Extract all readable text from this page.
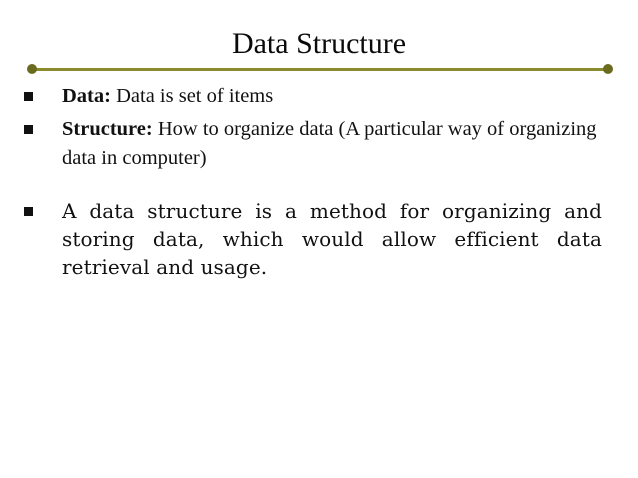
Data Structure
Data: Data is set of items
Structure: How to organize data (A particular way of organizing data in computer)
A data structure is a method for organizing and storing data, which would allow efficient data retrieval and usage.
